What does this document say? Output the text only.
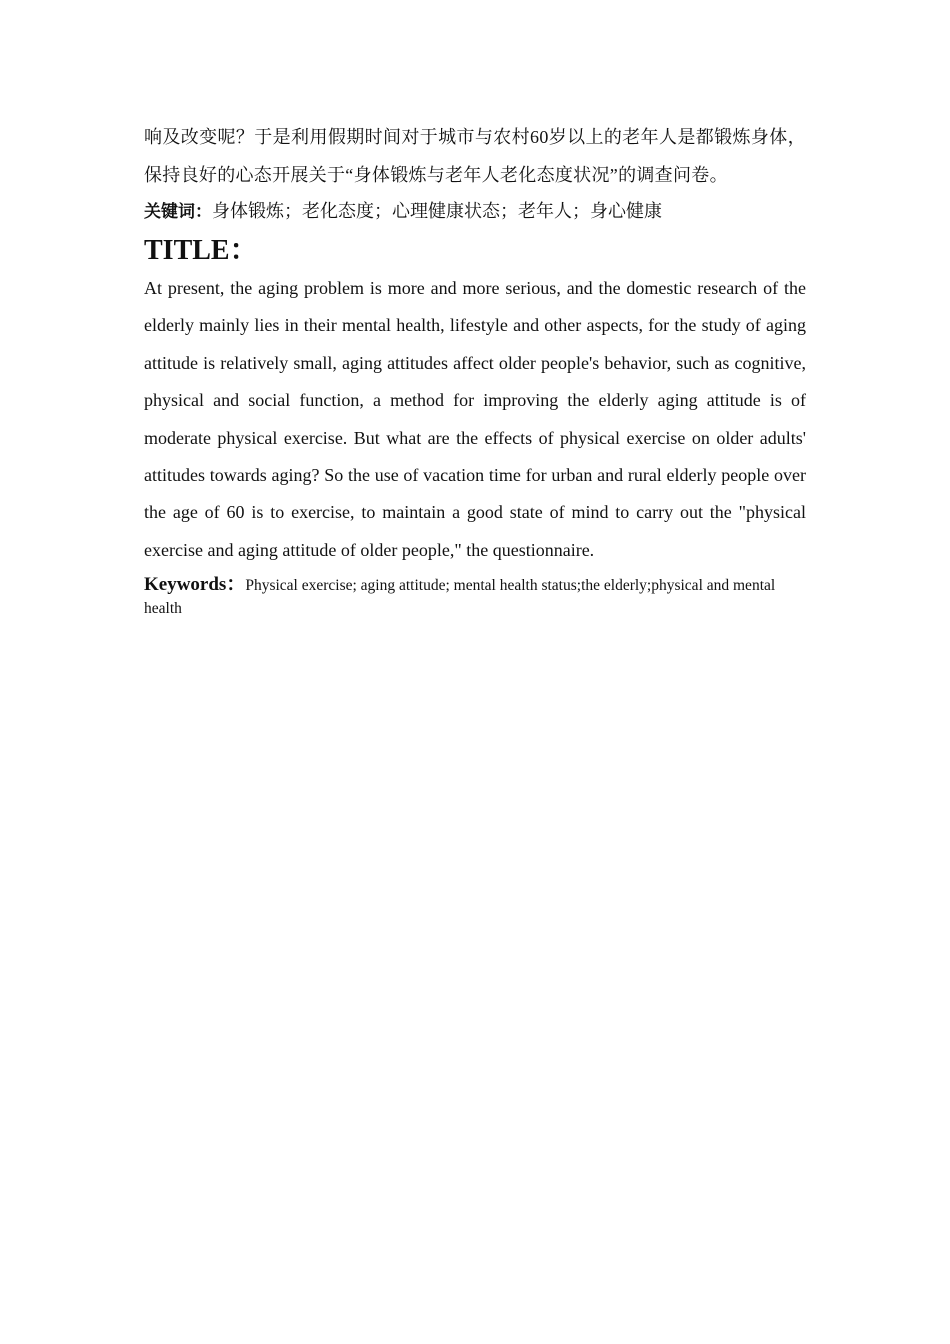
响及改变呢？于是利用假期时间对于城市与农村60岁以上的老年人是都锻炼身体，保持良好的心态开展关于“身体锻炼与老年人老化态度状况”的调查问卷。

关键词：身体锻炼；老化态度；心理健康状态；老年人；身心健康

TITLE：

At present, the aging problem is more and more serious, and the domestic research of the elderly mainly lies in their mental health, lifestyle and other aspects, for the study of aging attitude is relatively small, aging attitudes affect older people's behavior, such as cognitive, physical and social function, a method for improving the elderly aging attitude is of moderate physical exercise. But what are the effects of physical exercise on older adults' attitudes towards aging? So the use of vacation time for urban and rural elderly people over the age of 60 is to exercise, to maintain a good state of mind to carry out the "physical exercise and aging attitude of older people," the questionnaire.

Keywords：Physical exercise; aging attitude; mental health status;the elderly;physical and mental health
